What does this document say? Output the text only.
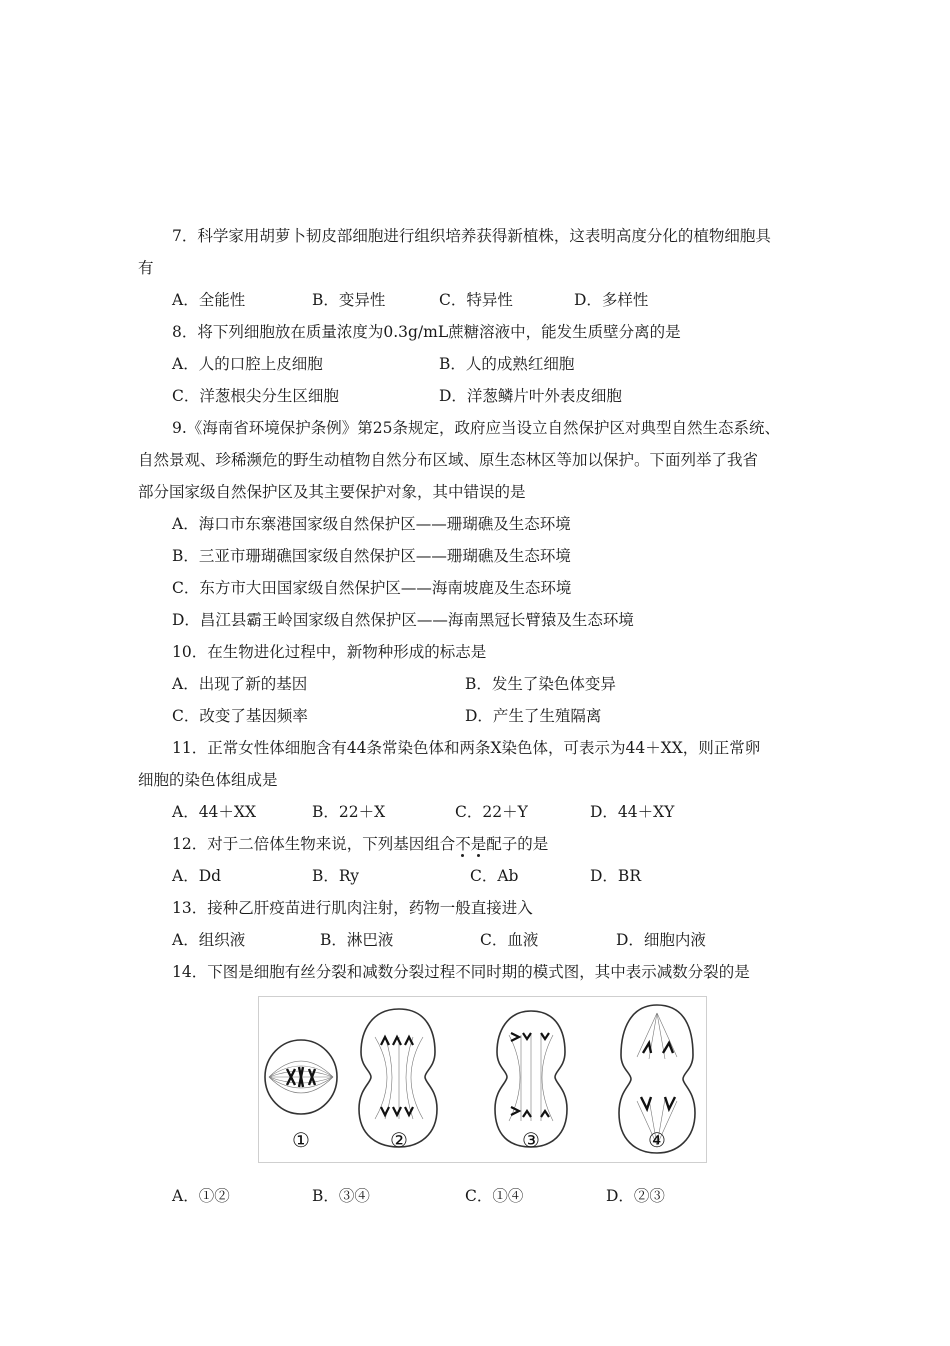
7．科学家用胡萝卜韧皮部细胞进行组织培养获得新植株，这表明高度分化的植物细胞具
有
A．全能性	B．变异性	C．特异性	D．多样性
8．将下列细胞放在质量浓度为0.3g/mL蔗糖溶液中，能发生质壁分离的是
A．人的口腔上皮细胞	B．人的成熟红细胞
C．洋葱根尖分生区细胞	D．洋葱鳞片叶外表皮细胞
9.《海南省环境保护条例》第25条规定，政府应当设立自然保护区对典型自然生态系统、
自然景观、珍稀濒危的野生动植物自然分布区域、原生态林区等加以保护。下面列举了我省
部分国家级自然保护区及其主要保护对象，其中错误的是
A．海口市东寨港国家级自然保护区——珊瑚礁及生态环境
B．三亚市珊瑚礁国家级自然保护区——珊瑚礁及生态环境
C．东方市大田国家级自然保护区——海南坡鹿及生态环境
D．昌江县霸王岭国家级自然保护区——海南黑冠长臂猿及生态环境
10．在生物进化过程中，新物种形成的标志是
A．出现了新的基因	B．发生了染色体变异
C．改变了基因频率	D．产生了生殖隔离
11．正常女性体细胞含有44条常染色体和两条X染色体，可表示为44＋XX，则正常卵
细胞的染色体组成是
A．44＋XX	B．22＋X	C．22＋Y	D．44＋XY
12．对于二倍体生物来说，下列基因组合不是
配子的是
A．Dd	B．Ry	C．Ab	D．BR
13．接种乙肝疫苗进行肌肉注射，药物一般直接进入
A．组织液	B．淋巴液	C．血液	D．细胞内液
14．下图是细胞有丝分裂和减数分裂过程不同时期的模式图，其中表示减数分裂的是
①	②	③	④
A．①②	B．③④	C．①④	D．②③
